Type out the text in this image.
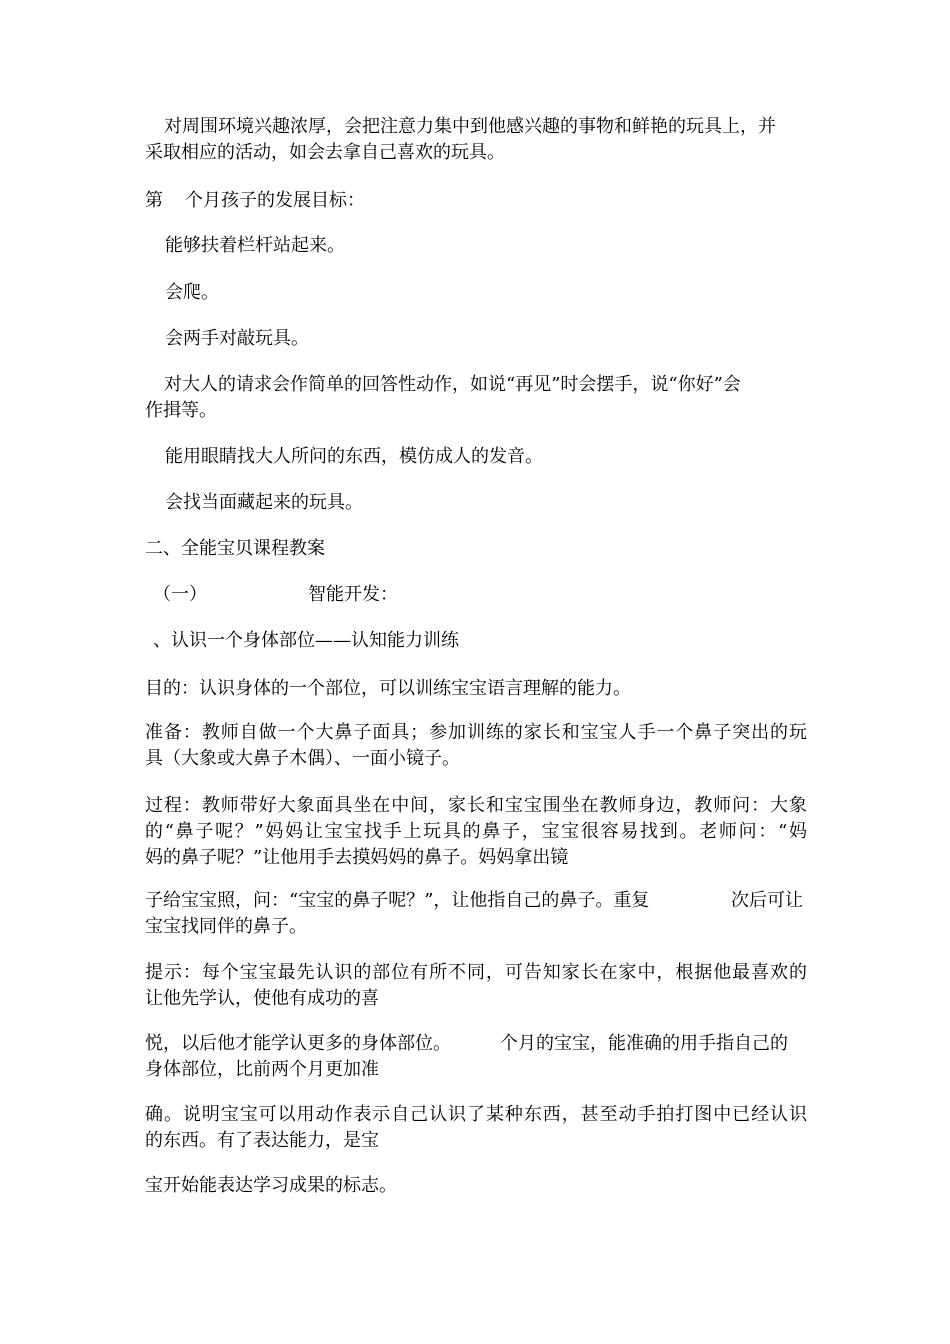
对周围环境兴趣浓厚，会把注意力集中到他感兴趣的事物和鲜艳的玩具上，并
采取相应的活动，如会去拿自己喜欢的玩具。
第 个月孩子的发展目标：
能够扶着栏杆站起来。
会爬。
会两手对敲玩具。
对大人的请求会作简单的回答性动作，如说“再见”时会摆手，说“你好”会
作揖等。
能用眼睛找大人所问的东西，模仿成人的发音。
会找当面藏起来的玩具。
二、全能宝贝课程教案
（一）	智能开发：
、认识一个身体部位——认知能力训练
目的：认识身体的一个部位，可以训练宝宝语言理解的能力。
准备：教师自做一个大鼻子面具；参加训练的家长和宝宝人手一个鼻子突出的玩
具（大象或大鼻子木偶）、一面小镜子。
过程：教师带好大象面具坐在中间，家长和宝宝围坐在教师身边，教师问：大象
的“鼻子呢？”妈妈让宝宝找手上玩具的鼻子，宝宝很容易找到。老师问：“妈
妈的鼻子呢？”让他用手去摸妈妈的鼻子。妈妈拿出镜
子给宝宝照，问：“宝宝的鼻子呢？”，让他指自己的鼻子。重复	次后可让
宝宝找同伴的鼻子。
提示：每个宝宝最先认识的部位有所不同，可告知家长在家中，根据他最喜欢的
让他先学认，使他有成功的喜
悦，以后他才能学认更多的身体部位。	个月的宝宝，能准确的用手指自己的
身体部位，比前两个月更加准
确。说明宝宝可以用动作表示自己认识了某种东西，甚至动手拍打图中已经认识
的东西。有了表达能力，是宝
宝开始能表达学习成果的标志。
